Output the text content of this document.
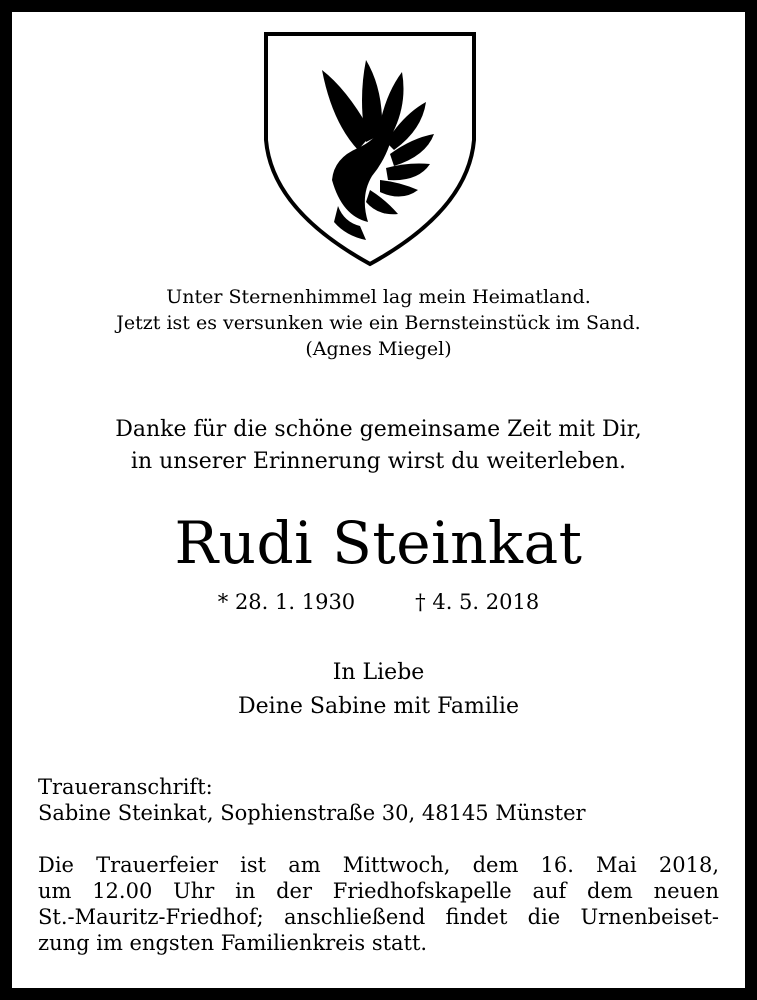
Unter Sternenhimmel lag mein Heimatland.
Jetzt ist es versunken wie ein Bernsteinstück im Sand.
(Agnes Miegel)

Danke für die schöne gemeinsame Zeit mit Dir,
in unserer Erinnerung wirst du weiterleben.

Rudi Steinkat

* 28. 1. 1930	† 4. 5. 2018

In Liebe
Deine Sabine mit Familie

Traueranschrift:
Sabine Steinkat, Sophienstraße 30, 48145 Münster

Die Trauerfeier ist am Mittwoch, dem 16. Mai 2018,
um 12.00 Uhr in der Friedhofskapelle auf dem neuen
St.-Mauritz-Friedhof; anschließend findet die Urnenbeiset-
zung im engsten Familienkreis statt.
